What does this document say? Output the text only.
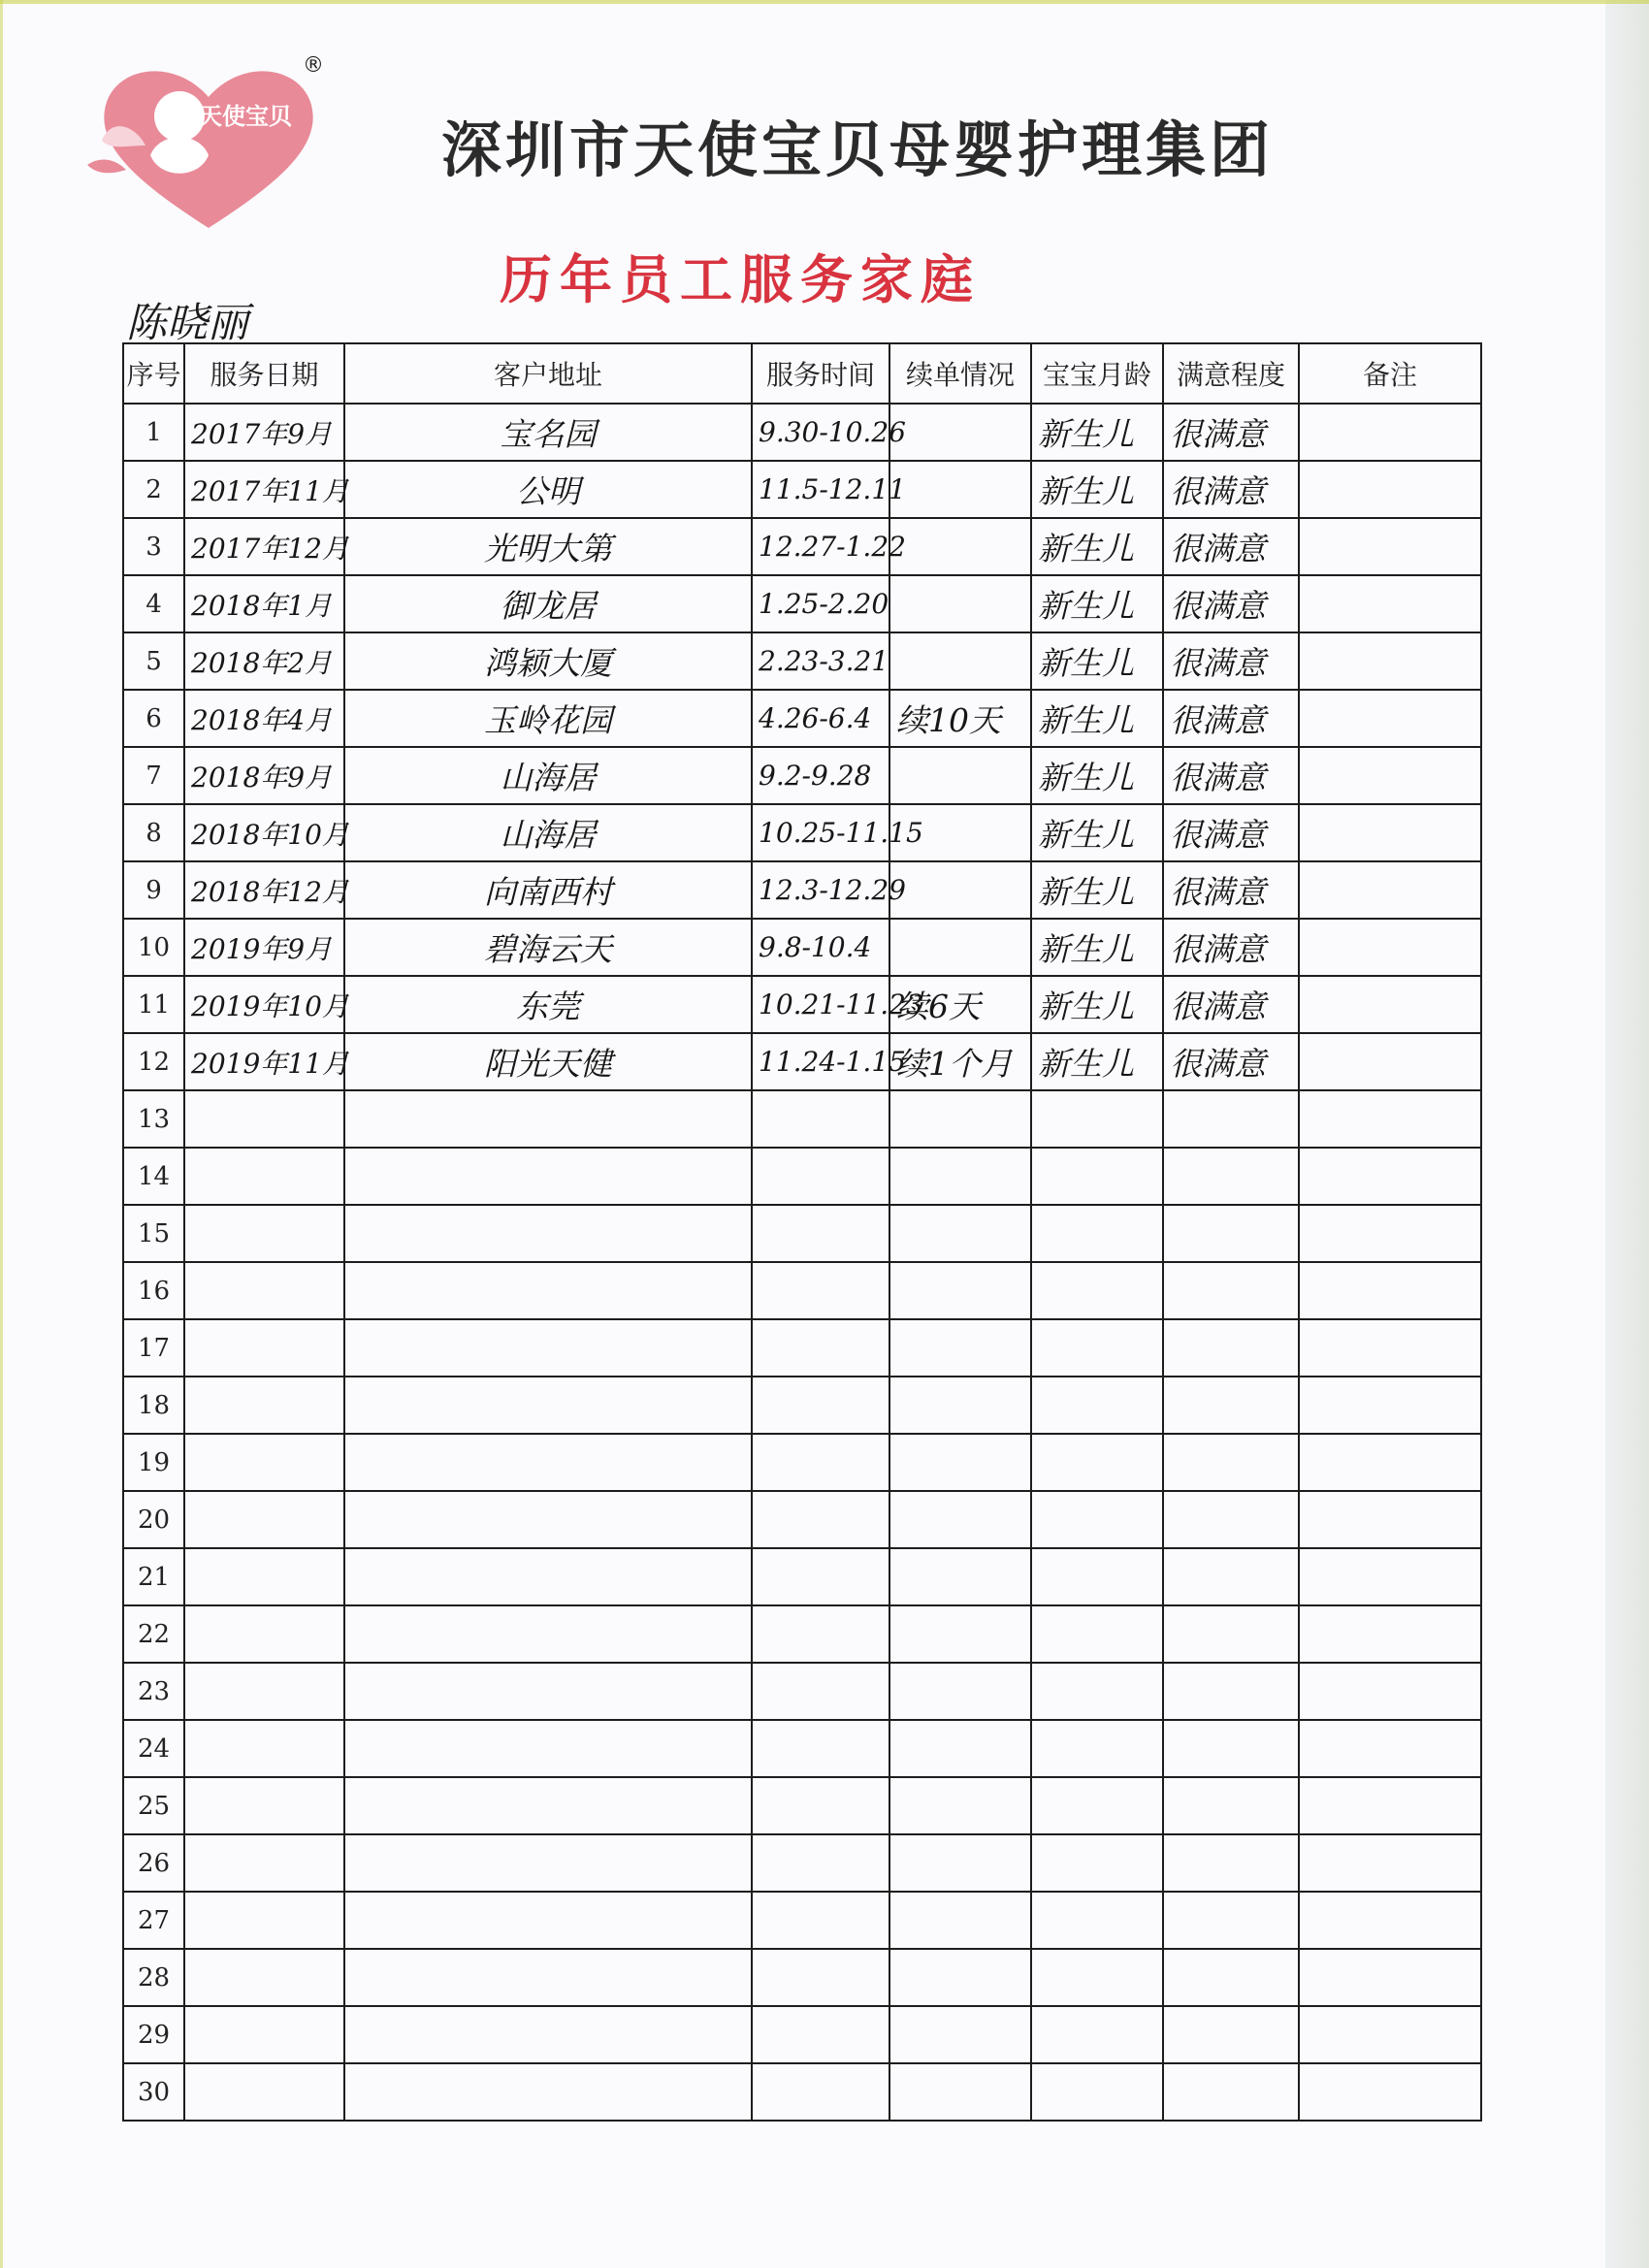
天使宝贝
®
深圳市天使宝贝母婴护理集团
历年员工服务家庭
陈晓丽
序号	服务日期	客户地址	服务时间	续单情况	宝宝月龄	满意程度	备注
1	2017年9月	宝名园	9.30-10.26		新生儿	很满意	

2	2017年11月	公明	11.5-12.11		新生儿	很满意	

3	2017年12月	光明大第	12.27-1.22		新生儿	很满意	

4	2018年1月	御龙居	1.25-2.20		新生儿	很满意	

5	2018年2月	鸿颖大厦	2.23-3.21		新生儿	很满意	

6	2018年4月	玉岭花园	4.26-6.4	续10天	新生儿	很满意	

7	2018年9月	山海居	9.2-9.28		新生儿	很满意	

8	2018年10月	山海居	10.25-11.15		新生儿	很满意	

9	2018年12月	向南西村	12.3-12.29		新生儿	很满意	

10	2019年9月	碧海云天	9.8-10.4		新生儿	很满意	

11	2019年10月	东莞	10.21-11.23	续6天	新生儿	很满意	

12	2019年11月	阳光天健	11.24-1.15	续1个月	新生儿	很满意	

13							
14							
15							
16							
17							
18							
19							
20							
21							
22							
23							
24							
25							
26							
27							
28							
29							
30							
